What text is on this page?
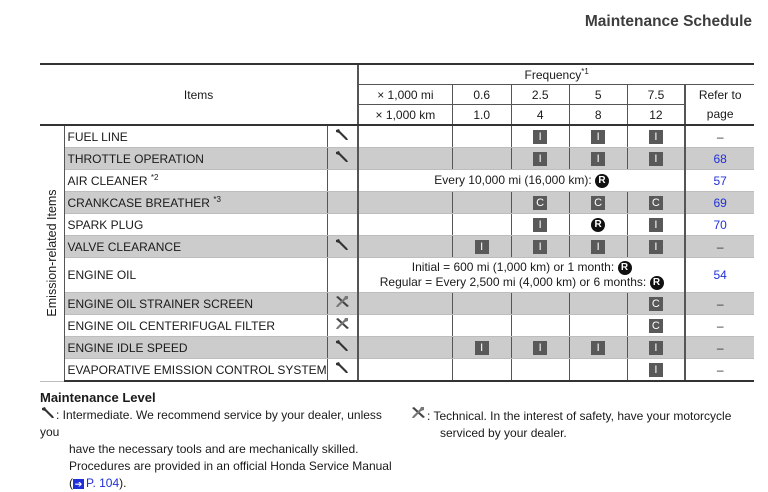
Maintenance Schedule
Items			Frequency$^{*1}$
			× 1,000 mi	0.6	2.5	5	7.5	Refer to
page
			× 1,000 km	1.0	4	8	12	

Emission-related Items	FUEL LINE				I	I	I	–
	THROTTLE OPERATION				I	I	I	68
	AIR CLEANER $^{*2}$		Every 10,000 mi (16,000 km): R					57
	CRANKCASE BREATHER $^{*3}$				C	C	C	69
	SPARK PLUG				I	R	I	70
	VALVE CLEARANCE			I	I	I	I	–
	ENGINE OIL		Initial = 600 mi (1,000 km) or 1 month: R
Regular = Every 2,500 mi (4,000 km) or 6 months: R					54
	ENGINE OIL STRAINER SCREEN						C	–
	ENGINE OIL CENTERIFUGAL FILTER						C	–
	ENGINE IDLE SPEED			I	I	I	I	–
	EVAPORATIVE EMISSION CONTROL SYSTEM						I	–
Maintenance Level
: Intermediate. We recommend service by your dealer, unless you
have the necessary tools and are mechanically skilled.
Procedures are provided in an official Honda Service Manual
( ➔ P. 104).
: Technical. In the interest of safety, have your motorcycle
serviced by your dealer.
